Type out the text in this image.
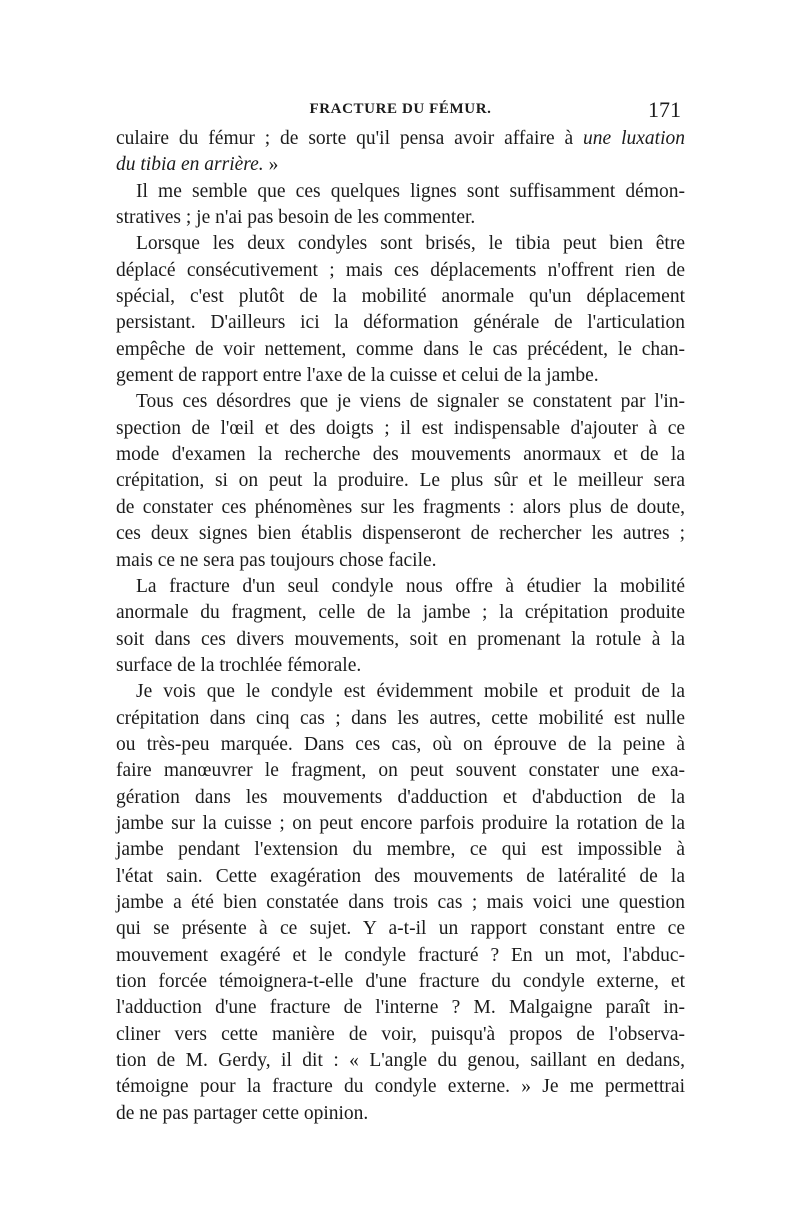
FRACTURE DU FÉMUR.	171
culaire du fémur ; de sorte qu'il pensa avoir affaire à une luxation
du tibia en arrière. »
Il me semble que ces quelques lignes sont suffisamment démon-
stratives ; je n'ai pas besoin de les commenter.
Lorsque les deux condyles sont brisés, le tibia peut bien être
déplacé consécutivement ; mais ces déplacements n'offrent rien de
spécial, c'est plutôt de la mobilité anormale qu'un déplacement
persistant. D'ailleurs ici la déformation générale de l'articulation
empêche de voir nettement, comme dans le cas précédent, le chan-
gement de rapport entre l'axe de la cuisse et celui de la jambe.
Tous ces désordres que je viens de signaler se constatent par l'in-
spection de l'œil et des doigts ; il est indispensable d'ajouter à ce
mode d'examen la recherche des mouvements anormaux et de la
crépitation, si on peut la produire. Le plus sûr et le meilleur sera
de constater ces phénomènes sur les fragments : alors plus de doute,
ces deux signes bien établis dispenseront de rechercher les autres ;
mais ce ne sera pas toujours chose facile.
La fracture d'un seul condyle nous offre à étudier la mobilité
anormale du fragment, celle de la jambe ; la crépitation produite
soit dans ces divers mouvements, soit en promenant la rotule à la
surface de la trochlée fémorale.
Je vois que le condyle est évidemment mobile et produit de la
crépitation dans cinq cas ; dans les autres, cette mobilité est nulle
ou très-peu marquée. Dans ces cas, où on éprouve de la peine à
faire manœuvrer le fragment, on peut souvent constater une exa-
gération dans les mouvements d'adduction et d'abduction de la
jambe sur la cuisse ; on peut encore parfois produire la rotation de la
jambe pendant l'extension du membre, ce qui est impossible à
l'état sain. Cette exagération des mouvements de latéralité de la
jambe a été bien constatée dans trois cas ; mais voici une question
qui se présente à ce sujet. Y a-t-il un rapport constant entre ce
mouvement exagéré et le condyle fracturé ? En un mot, l'abduc-
tion forcée témoignera-t-elle d'une fracture du condyle externe, et
l'adduction d'une fracture de l'interne ? M. Malgaigne paraît in-
cliner vers cette manière de voir, puisqu'à propos de l'observa-
tion de M. Gerdy, il dit : « L'angle du genou, saillant en dedans,
témoigne pour la fracture du condyle externe. » Je me permettrai
de ne pas partager cette opinion.
